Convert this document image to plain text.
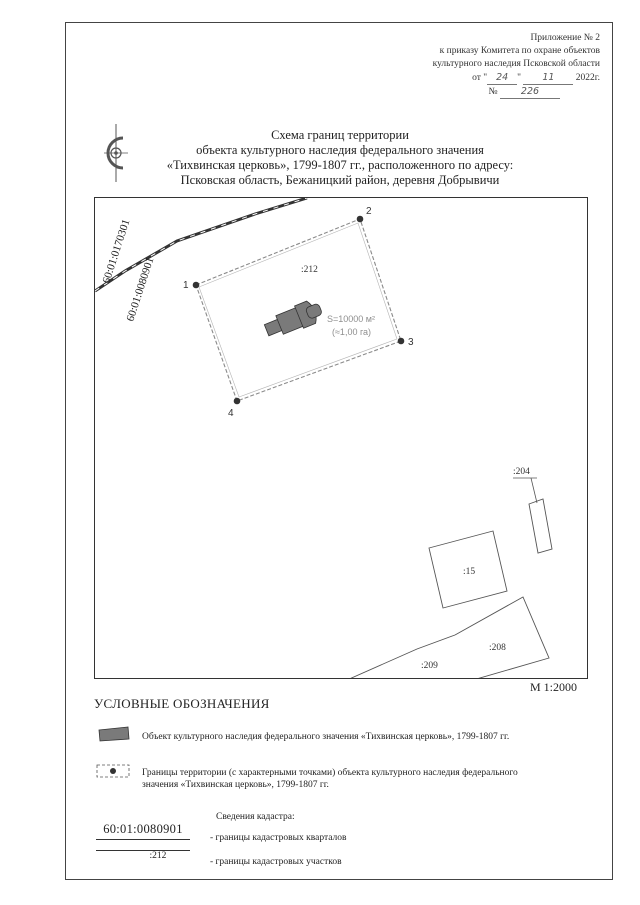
Приложение № 2
к приказу Комитета по охране объектов
культурного наследия Псковской области
от " 24 " 11 2022г.
№ 226
Схема границ территории
объекта культурного наследия федерального значения
«Тихвинская церковь», 1799-1807 гг., расположенного по адресу:
Псковская область, Бежаницкий район, деревня Добрывичи
60:01:0170301
60:01:0080901	1
2
3
4
:212
S=10000 м²
(≈1,00 га)
:204
:15
:208
:209
М 1:2000
УСЛОВНЫЕ ОБОЗНАЧЕНИЯ
Объект культурного наследия федерального значения «Тихвинская церковь», 1799-1807 гг.
Границы территории (с характерными точками) объекта культурного наследия федерального
значения «Тихвинская церковь», 1799-1807 гг.
Сведения кадастра:
60:01:0080901
- границы кадастровых кварталов
:212
- границы кадастровых участков
